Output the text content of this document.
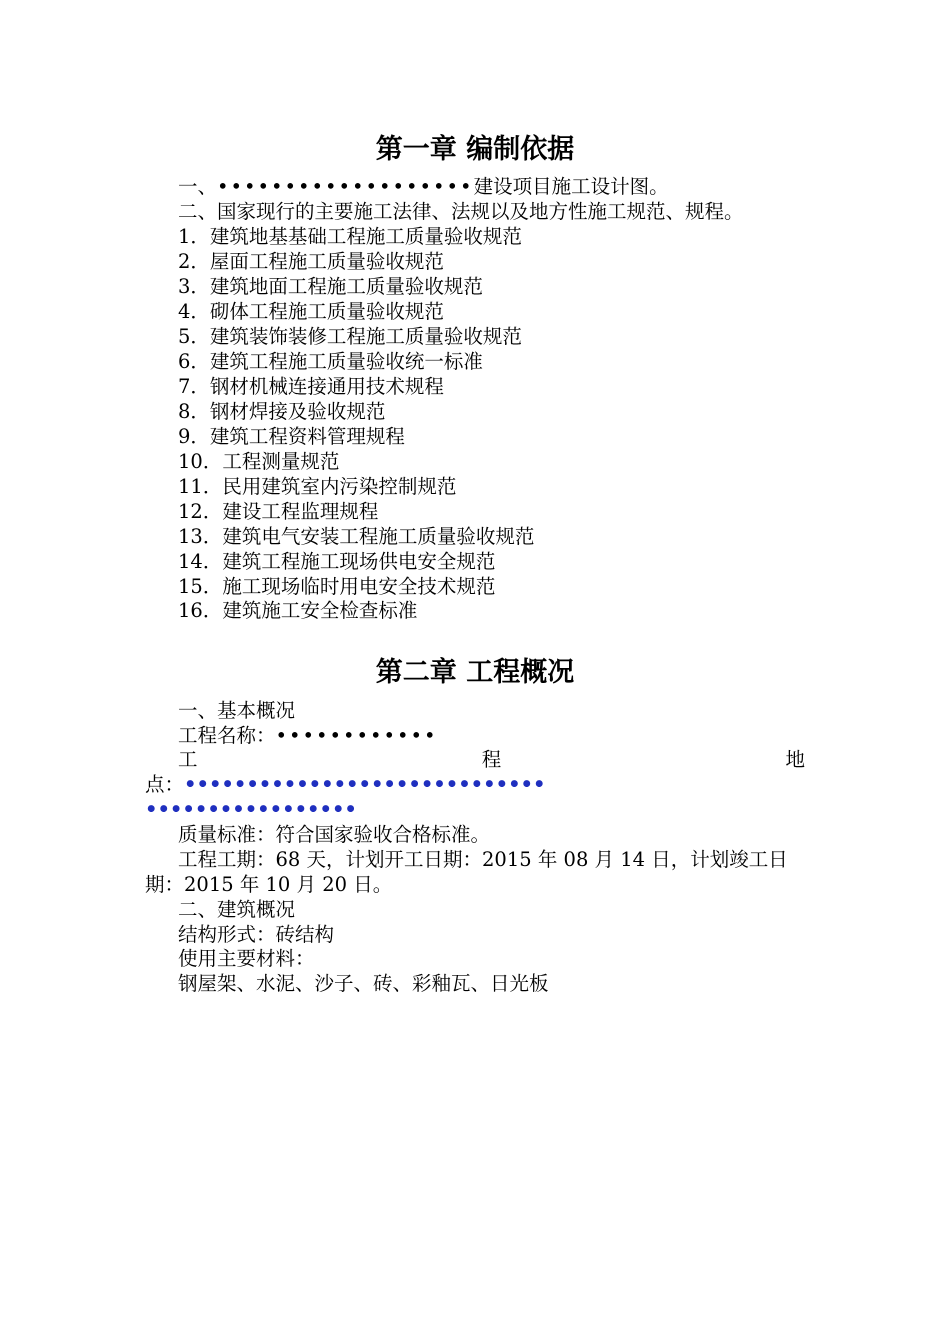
第一章 编制依据
一、•••••••••••••••••••建设项目施工设计图。
二、国家现行的主要施工法律、法规以及地方性施工规范、规程。
1．建筑地基基础工程施工质量验收规范
2．屋面工程施工质量验收规范
3．建筑地面工程施工质量验收规范
4．砌体工程施工质量验收规范
5．建筑装饰装修工程施工质量验收规范
6．建筑工程施工质量验收统一标准
7．钢材机械连接通用技术规程
8．钢材焊接及验收规范
9．建筑工程资料管理规程
10．工程测量规范
11．民用建筑室内污染控制规范
12．建设工程监理规程
13．建筑电气安装工程施工质量验收规范
14．建筑工程施工现场供电安全规范
15．施工现场临时用电安全技术规范
16．建筑施工安全检查标准
第二章 工程概况
一、基本概况
工程名称：••••••••••••
工	程	地
点：•••••••••••••••••••••••••••••
•••••••••••••••••
质量标准：符合国家验收合格标准。
工程工期：68 天，计划开工日期：2015 年 08 月 14 日，计划竣工日
期：2015 年 10 月 20 日。
二、建筑概况
结构形式：砖结构
使用主要材料：
钢屋架、水泥、沙子、砖、彩釉瓦、日光板
